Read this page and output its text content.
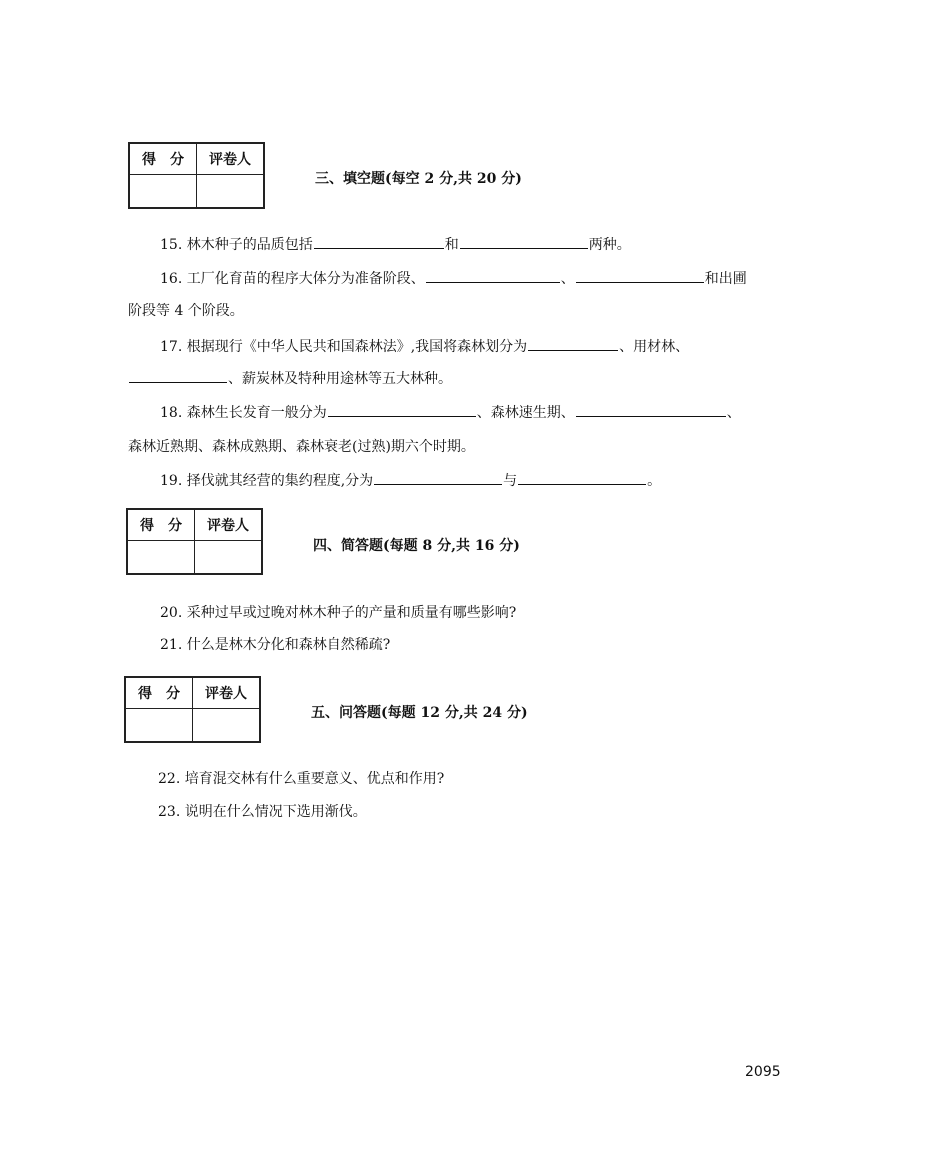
得　分	评卷人

三、填空题(每空 2 分,共 20 分)
15. 林木种子的品质包括	和	两种。
16. 工厂化育苗的程序大体分为准备阶段、	、	和出圃
阶段等 4 个阶段。
17. 根据现行《中华人民共和国森林法》,我国将森林划分为	、用材林、
、薪炭林及特种用途林等五大林种。
18. 森林生长发育一般分为	、森林速生期、	、
森林近熟期、森林成熟期、森林衰老(过熟)期六个时期。
19. 择伐就其经营的集约程度,分为	与	。
得　分	评卷人

四、简答题(每题 8 分,共 16 分)
20. 采种过早或过晚对林木种子的产量和质量有哪些影响?
21. 什么是林木分化和森林自然稀疏?
得　分	评卷人

五、问答题(每题 12 分,共 24 分)
22. 培育混交林有什么重要意义、优点和作用?
23. 说明在什么情况下选用渐伐。
2095
